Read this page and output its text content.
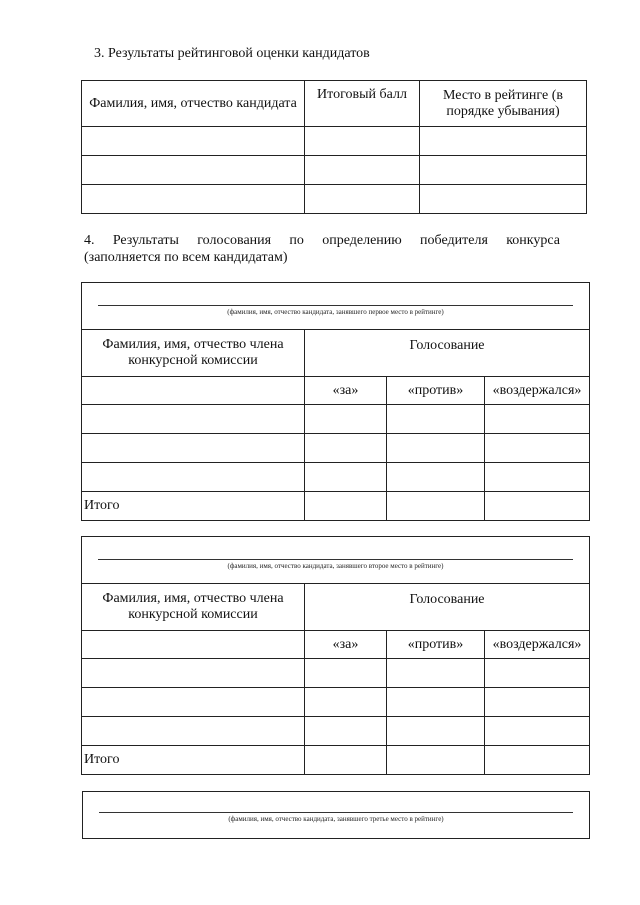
3. Результаты рейтинговой оценки кандидатов
Фамилия, имя, отчество кандидата	Итоговый балл	Место в рейтинге (в порядке убывания)

4. Результаты голосования по определению победителя конкурса
(заполняется по всем кандидатам)
(фамилия, имя, отчество кандидата, занявшего первое место в рейтинге)			

Фамилия, имя, отчество члена конкурсной комиссии	Голосование		
	«за»	«против»	«воздержался»

Итого			
(фамилия, имя, отчество кандидата, занявшего второе место в рейтинге)			

Фамилия, имя, отчество члена конкурсной комиссии	Голосование		
	«за»	«против»	«воздержался»

Итого			
(фамилия, имя, отчество кандидата, занявшего третье место в рейтинге)
